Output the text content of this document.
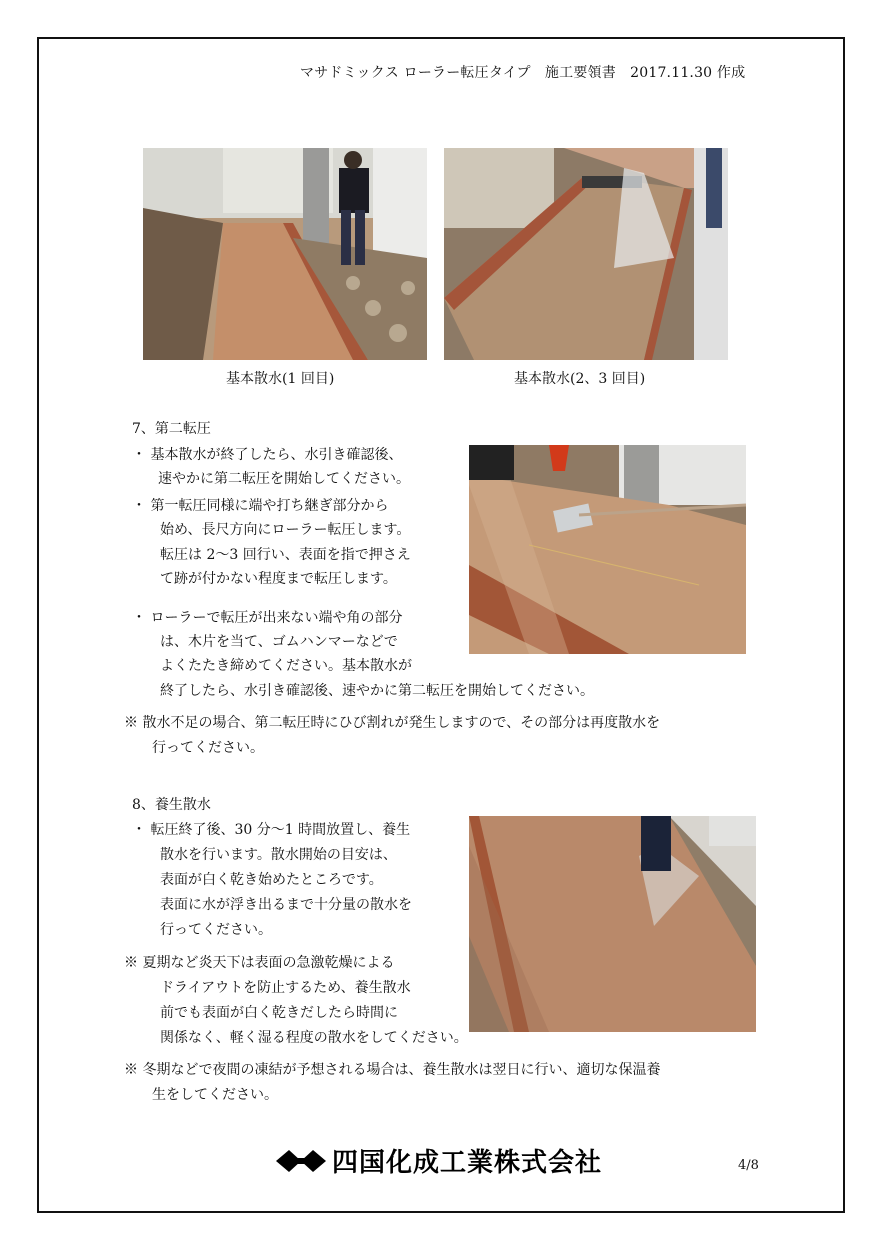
マサドミックス ローラー転圧タイプ　施工要領書　2017.11.30 作成
基本散水(1 回目)	基本散水(2、3 回目)
7、第二転圧
・ 基本散水が終了したら、水引き確認後、
速やかに第二転圧を開始してください。
・ 第一転圧同様に端や打ち継ぎ部分から
始め、長尺方向にローラー転圧します。
転圧は 2〜3 回行い、表面を指で押さえ
て跡が付かない程度まで転圧します。
・ ローラーで転圧が出来ない端や角の部分
は、木片を当て、ゴムハンマーなどで
よくたたき締めてください。基本散水が
終了したら、水引き確認後、速やかに第二転圧を開始してください。
※ 散水不足の場合、第二転圧時にひび割れが発生しますので、その部分は再度散水を
行ってください。
8、養生散水
・ 転圧終了後、30 分〜1 時間放置し、養生
散水を行います。散水開始の目安は、
表面が白く乾き始めたところです。
表面に水が浮き出るまで十分量の散水を
行ってください。
※ 夏期など炎天下は表面の急激乾燥による
ドライアウトを防止するため、養生散水
前でも表面が白く乾きだしたら時間に
関係なく、軽く湿る程度の散水をしてください。
※ 冬期などで夜間の凍結が予想される場合は、養生散水は翌日に行い、適切な保温養
生をしてください。
四国化成工業株式会社	4/8
